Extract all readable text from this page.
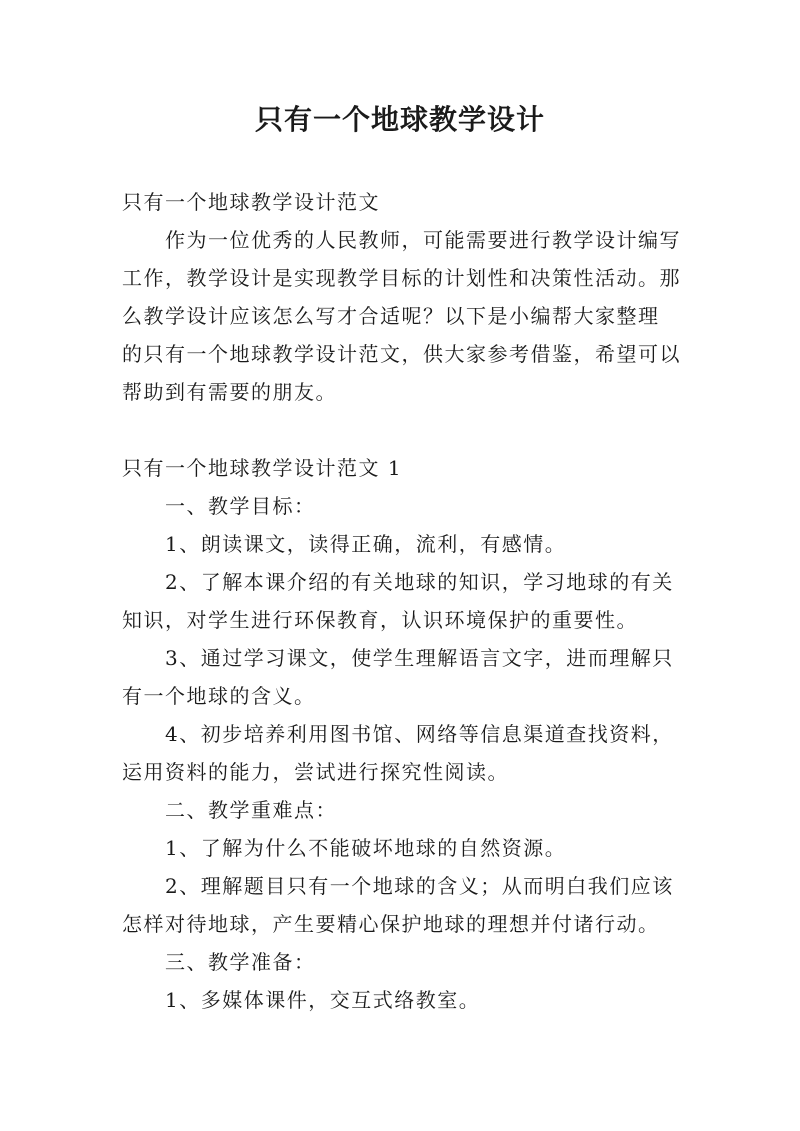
只有一个地球教学设计
只有一个地球教学设计范文
作为一位优秀的人民教师，可能需要进行教学设计编写
工作，教学设计是实现教学目标的计划性和决策性活动。那
么教学设计应该怎么写才合适呢？以下是小编帮大家整理
的只有一个地球教学设计范文，供大家参考借鉴，希望可以
帮助到有需要的朋友。
只有一个地球教学设计范文 1
一、教学目标：
1、朗读课文，读得正确，流利，有感情。
2、了解本课介绍的有关地球的知识，学习地球的有关
知识，对学生进行环保教育，认识环境保护的重要性。
3、通过学习课文，使学生理解语言文字，进而理解只
有一个地球的含义。
4、初步培养利用图书馆、网络等信息渠道查找资料，
运用资料的能力，尝试进行探究性阅读。
二、教学重难点：
1、了解为什么不能破坏地球的自然资源。
2、理解题目只有一个地球的含义；从而明白我们应该
怎样对待地球，产生要精心保护地球的理想并付诸行动。
三、教学准备：
1、多媒体课件，交互式络教室。
